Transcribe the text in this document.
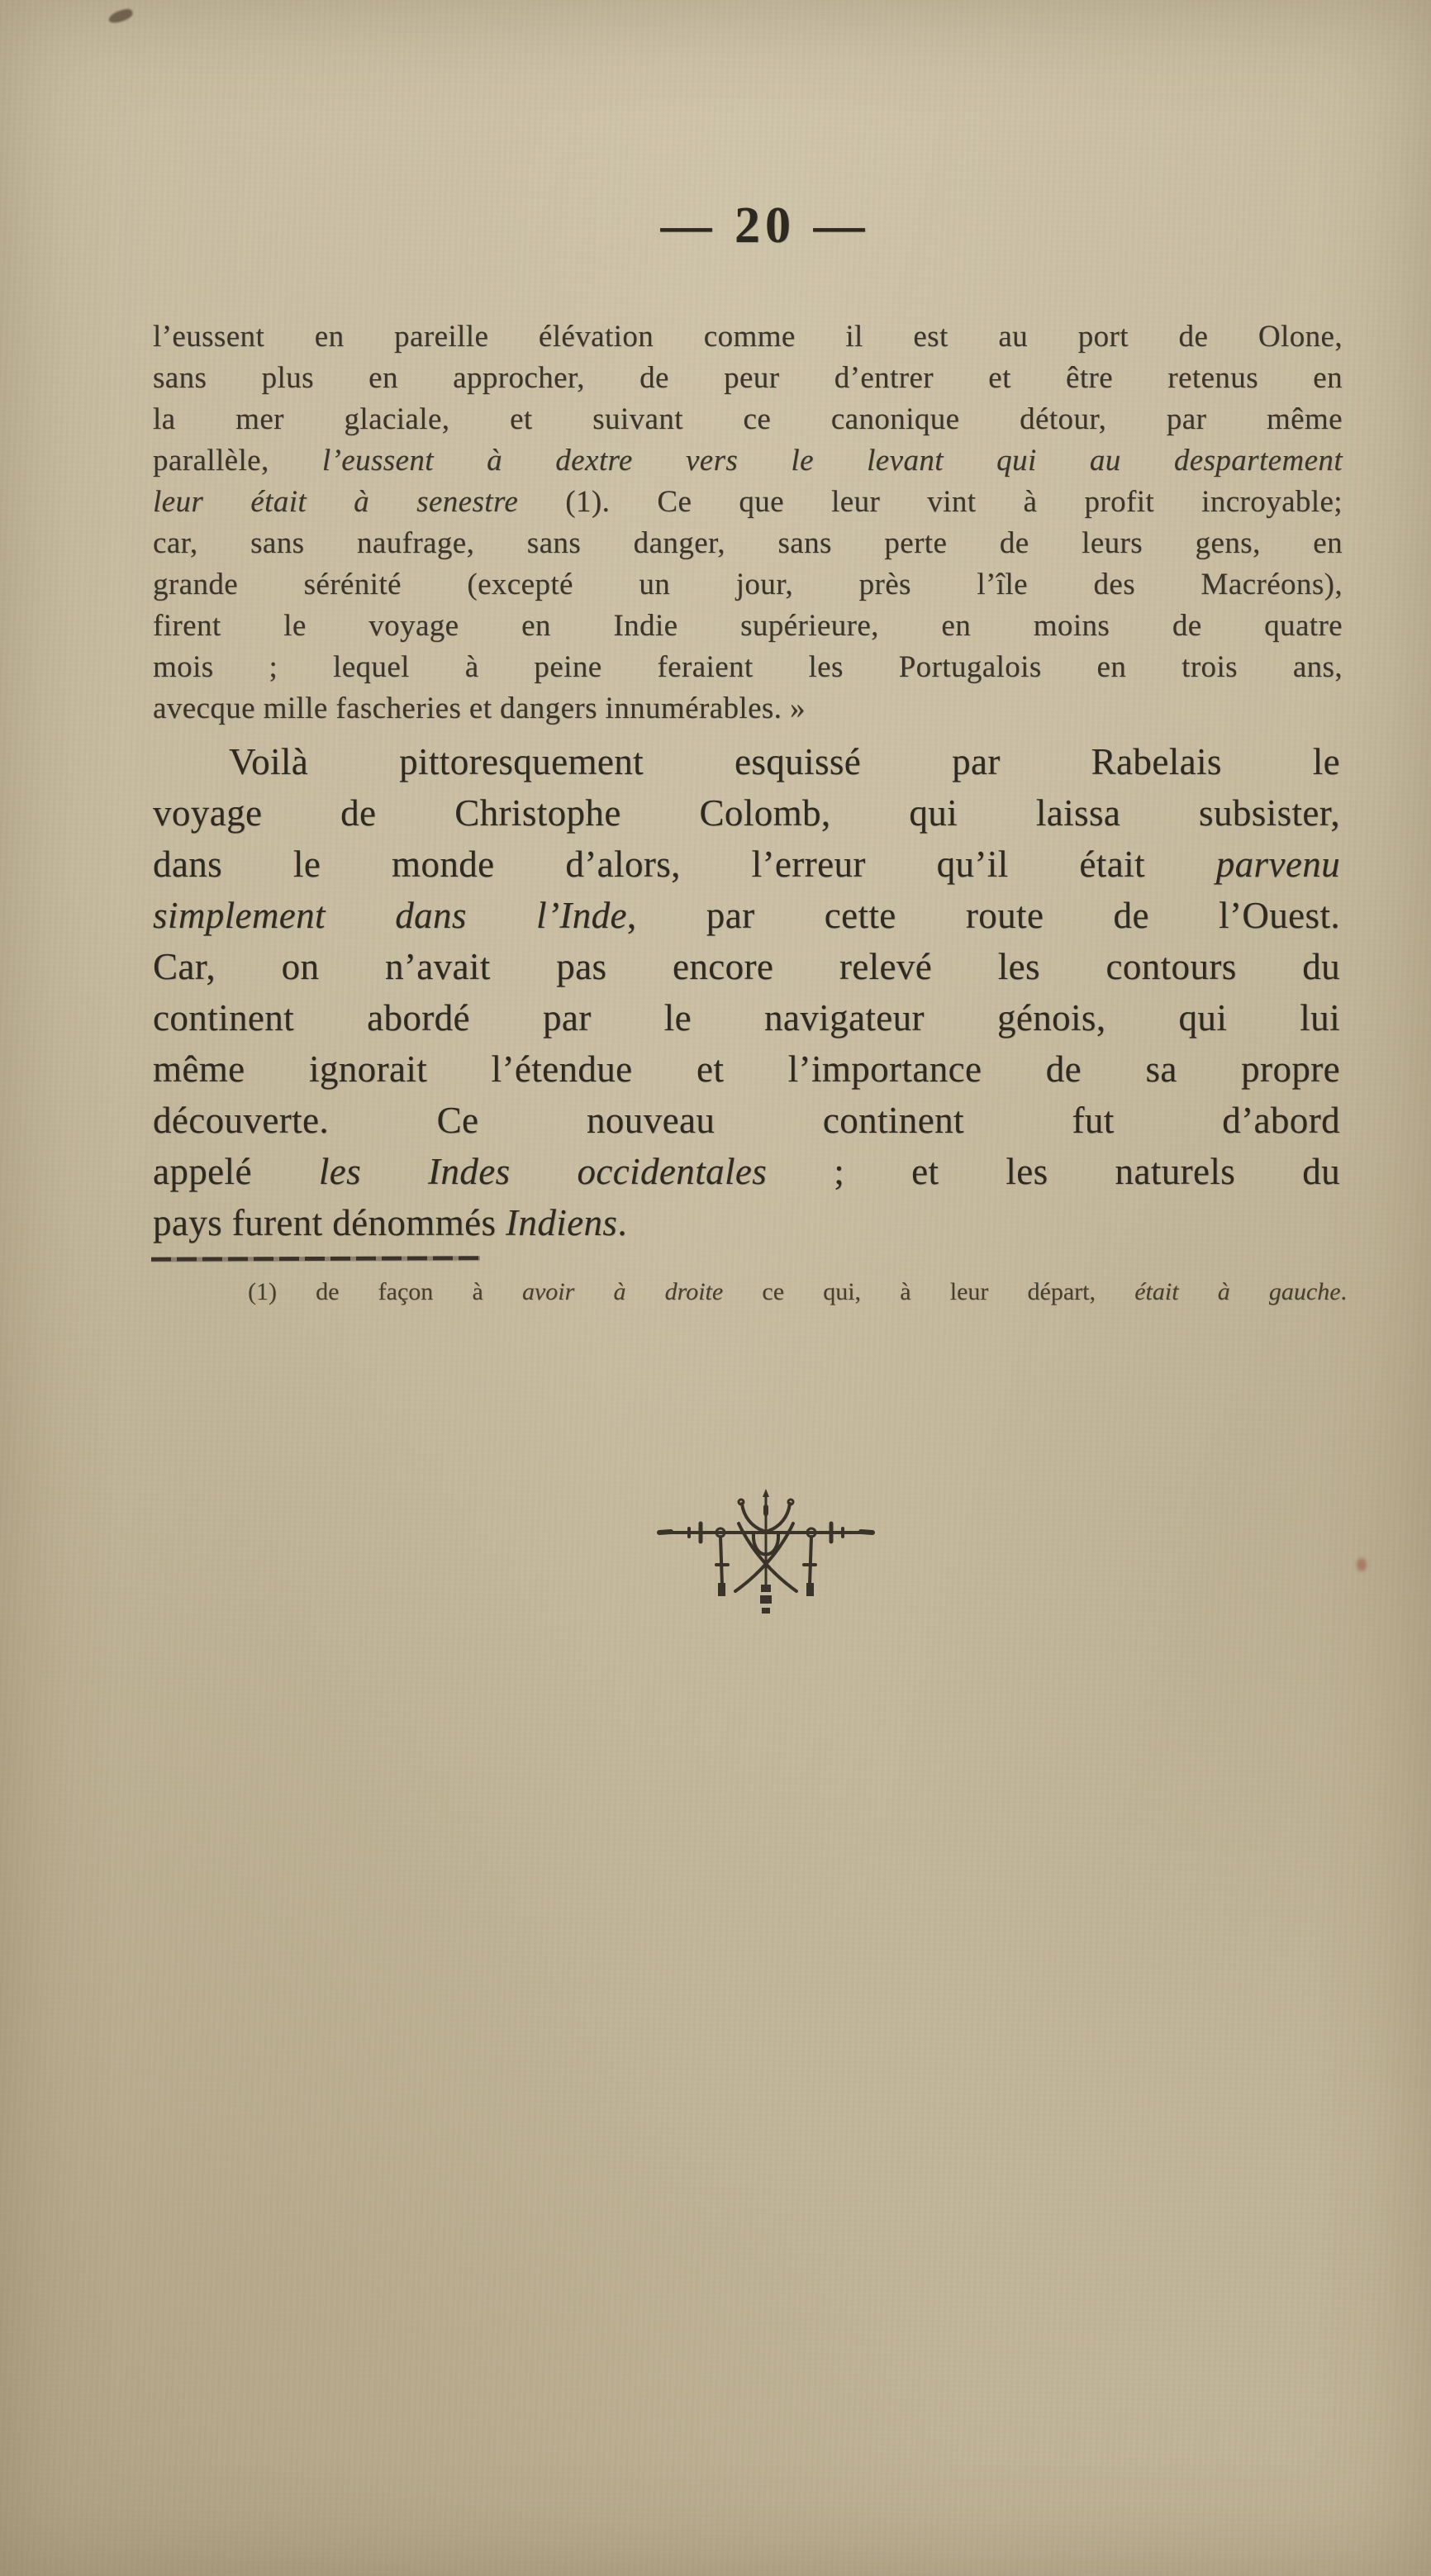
— 20 —
l’eussent en pareille élévation comme il est au port de Olone,
sans plus en approcher, de peur d’entrer et être retenus en
la mer glaciale, et suivant ce canonique détour, par même
parallèle, l’eussent à dextre vers le levant qui au despartement
leur était à senestre (1). Ce que leur vint à profit incroyable;
car, sans naufrage, sans danger, sans perte de leurs gens, en
grande sérénité (excepté un jour, près l’île des Macréons),
firent le voyage en Indie supérieure, en moins de quatre
mois ; lequel à peine feraient les Portugalois en trois ans,
avecque mille fascheries et dangers innumérables. »
Voilà pittoresquement esquissé par Rabelais le
voyage de Christophe Colomb, qui laissa subsister,
dans le monde d’alors, l’erreur qu’il était parvenu
simplement dans l’Inde, par cette route de l’Ouest.
Car, on n’avait pas encore relevé les contours du
continent abordé par le navigateur génois, qui lui
même ignorait l’étendue et l’importance de sa propre
découverte. Ce nouveau continent fut d’abord
appelé les Indes occidentales ; et les naturels du
pays furent dénommés Indiens.
(1) de façon à avoir à droite ce qui, à leur départ, était à gauche.
